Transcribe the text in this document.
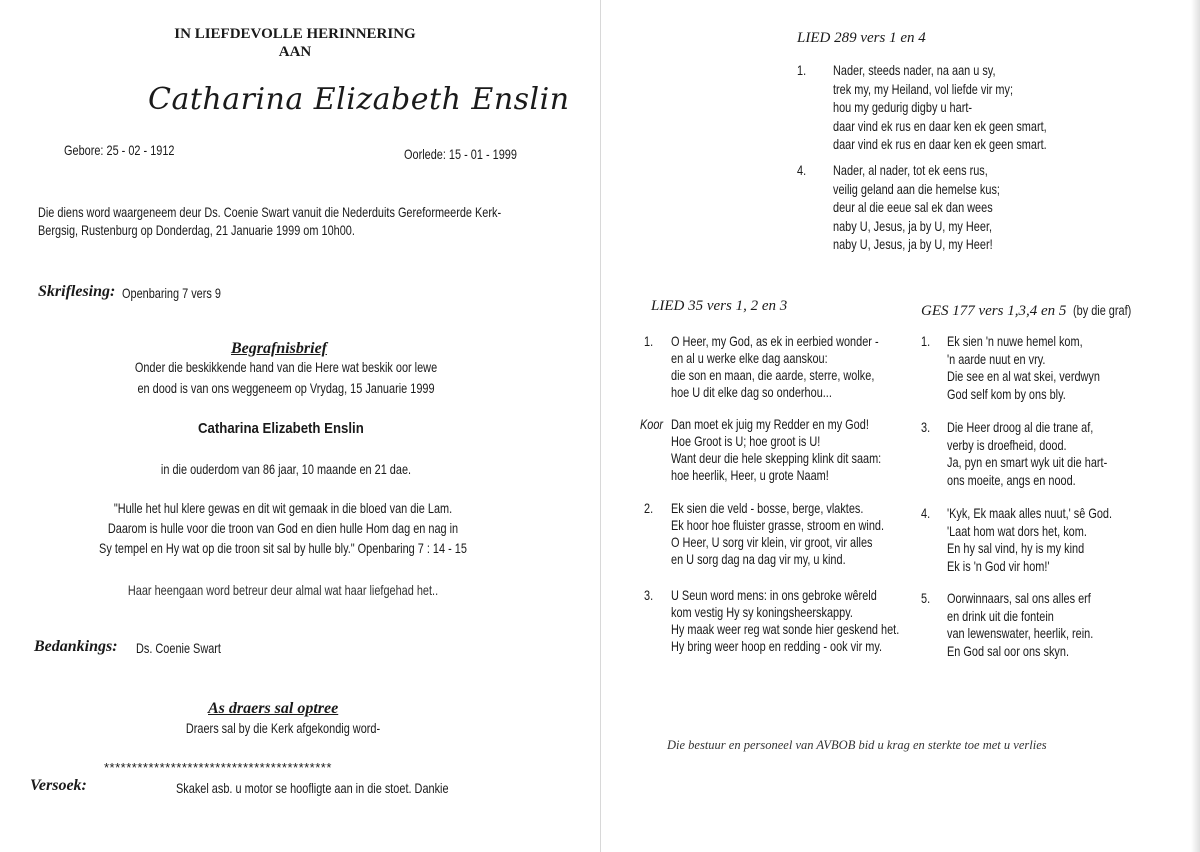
IN LIEFDEVOLLE HERINNERING
AAN
Catharina Elizabeth Enslin
Gebore: 25 - 02 - 1912	Oorlede: 15 - 01 - 1999
Die diens word waargeneem deur Ds. Coenie Swart vanuit die Nederduits Gereformeerde Kerk-
Bergsig, Rustenburg op Donderdag, 21 Januarie 1999 om 10h00.
Skriflesing: Openbaring 7 vers 9
Begrafnisbrief
Onder die beskikkende hand van die Here wat beskik oor lewe
en dood is van ons weggeneem op Vrydag, 15 Januarie 1999
Catharina Elizabeth Enslin
in die ouderdom van 86 jaar, 10 maande en 21 dae.
"Hulle het hul klere gewas en dit wit gemaak in die bloed van die Lam.
Daarom is hulle voor die troon van God en dien hulle Hom dag en nag in
Sy tempel en Hy wat op die troon sit sal by hulle bly." Openbaring 7 : 14 - 15
Haar heengaan word betreur deur almal wat haar liefgehad het..
Bedankings: Ds. Coenie Swart
As draers sal optree
Draers sal by die Kerk afgekondig word-
*****************************************
Versoek:	Skakel asb. u motor se hoofligte aan in die stoet. Dankie
LIED 289 vers 1 en 4
1. Nader, steeds nader, na aan u sy,
trek my, my Heiland, vol liefde vir my;
hou my gedurig digby u hart-
daar vind ek rus en daar ken ek geen smart,
daar vind ek rus en daar ken ek geen smart.
4. Nader, al nader, tot ek eens rus,
veilig geland aan die hemelse kus;
deur al die eeue sal ek dan wees
naby U, Jesus, ja by U, my Heer,
naby U, Jesus, ja by U, my Heer!
LIED 35 vers 1, 2 en 3
1. O Heer, my God, as ek in eerbied wonder -
en al u werke elke dag aanskou:
die son en maan, die aarde, sterre, wolke,
hoe U dit elke dag so onderhou...
Koor Dan moet ek juig my Redder en my God!
Hoe Groot is U; hoe groot is U!
Want deur die hele skepping klink dit saam:
hoe heerlik, Heer, u grote Naam!
2. Ek sien die veld - bosse, berge, vlaktes.
Ek hoor hoe fluister grasse, stroom en wind.
O Heer, U sorg vir klein, vir groot, vir alles
en U sorg dag na dag vir my, u kind.
3. U Seun word mens: in ons gebroke wêreld
kom vestig Hy sy koningsheerskappy.
Hy maak weer reg wat sonde hier geskend het.
Hy bring weer hoop en redding - ook vir my.
GES 177 vers 1,3,4 en 5 (by die graf)
1. Ek sien 'n nuwe hemel kom,
'n aarde nuut en vry.
Die see en al wat skei, verdwyn
God self kom by ons bly.
3. Die Heer droog al die trane af,
verby is droefheid, dood.
Ja, pyn en smart wyk uit die hart-
ons moeite, angs en nood.
4. 'Kyk, Ek maak alles nuut,' sê God.
'Laat hom wat dors het, kom.
En hy sal vind, hy is my kind
Ek is 'n God vir hom!'
5. Oorwinnaars, sal ons alles erf
en drink uit die fontein
van lewenswater, heerlik, rein.
En God sal oor ons skyn.
Die bestuur en personeel van AVBOB bid u krag en sterkte toe met u verlies
